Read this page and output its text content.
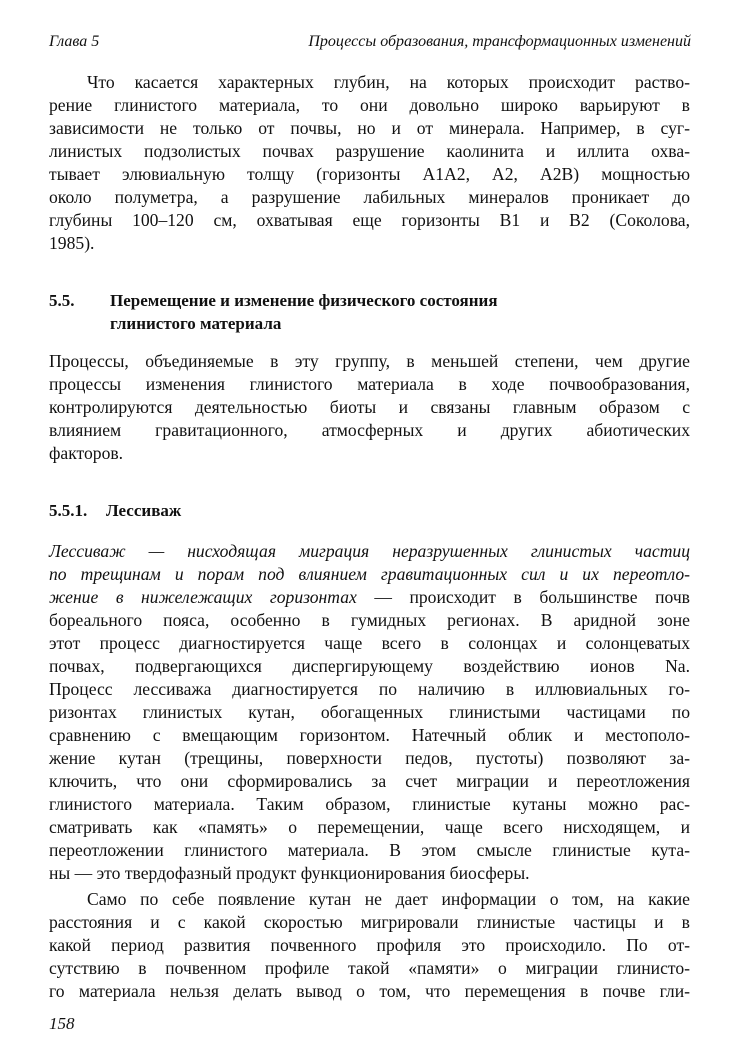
Глава 5	Процессы образования, трансформационных изменений
Что касается характерных глубин, на которых происходит раство-
рение глинистого материала, то они довольно широко варьируют в
зависимости не только от почвы, но и от минерала. Например, в суг-
линистых подзолистых почвах разрушение каолинита и иллита охва-
тывает элювиальную толщу (горизонты А1А2, А2, А2В) мощностью
около полуметра, а разрушение лабильных минералов проникает до
глубины 100–120 см, охватывая еще горизонты В1 и В2 (Соколова,
1985).
5.5. Перемещение и изменение физического состояния
глинистого материала
Процессы, объединяемые в эту группу, в меньшей степени, чем другие
процессы изменения глинистого материала в ходе почвообразования,
контролируются деятельностью биоты и связаны главным образом с
влиянием гравитационного, атмосферных и других абиотических
факторов.
5.5.1. Лессиваж
Лессиваж — нисходящая миграция неразрушенных глинистых частиц
по трещинам и порам под влиянием гравитационных сил и их переотло-
жение в нижележащих горизонтах — происходит в большинстве почв
бореального пояса, особенно в гумидных регионах. В аридной зоне
этот процесс диагностируется чаще всего в солонцах и солонцеватых
почвах, подвергающихся диспергирующему воздействию ионов Na.
Процесс лессиважа диагностируется по наличию в иллювиальных го-
ризонтах глинистых кутан, обогащенных глинистыми частицами по
сравнению с вмещающим горизонтом. Натечный облик и местополо-
жение кутан (трещины, поверхности педов, пустоты) позволяют за-
ключить, что они сформировались за счет миграции и переотложения
глинистого материала. Таким образом, глинистые кутаны можно рас-
сматривать как «память» о перемещении, чаще всего нисходящем, и
переотложении глинистого материала. В этом смысле глинистые кута-
ны — это твердофазный продукт функционирования биосферы.
Само по себе появление кутан не дает информации о том, на какие
расстояния и с какой скоростью мигрировали глинистые частицы и в
какой период развития почвенного профиля это происходило. По от-
сутствию в почвенном профиле такой «памяти» о миграции глинисто-
го материала нельзя делать вывод о том, что перемещения в почве гли-
158
